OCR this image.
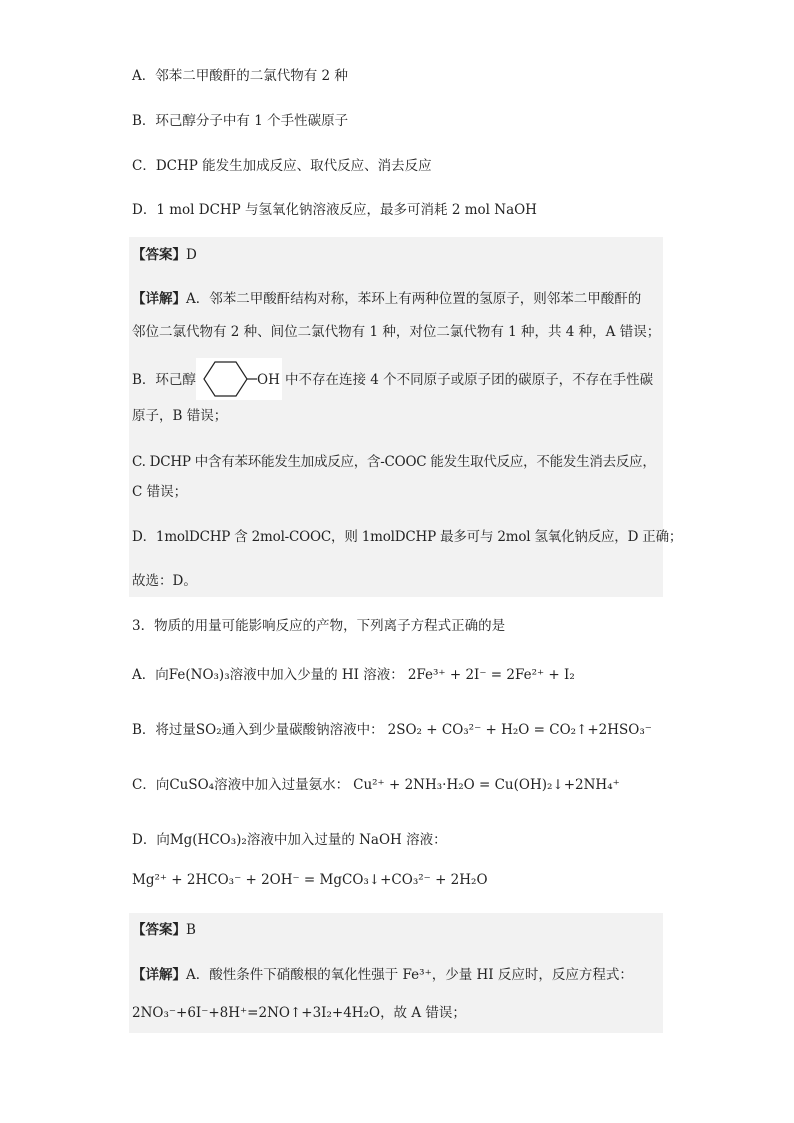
A．邻苯二甲酸酐的二氯代物有 2 种
B．环己醇分子中有 1 个手性碳原子
C．DCHP 能发生加成反应、取代反应、消去反应
D．1 mol DCHP 与氢氧化钠溶液反应，最多可消耗 2 mol NaOH
【答案】D
【详解】A．邻苯二甲酸酐结构对称，苯环上有两种位置的氢原子，则邻苯二甲酸酐的
邻位二氯代物有 2 种、间位二氯代物有 1 种，对位二氯代物有 1 种，共 4 种，A 错误；
B．环己醇	OH 中不存在连接 4 个不同原子或原子团的碳原子，不存在手性碳
原子，B 错误；
C. DCHP 中含有苯环能发生加成反应，含-COOC 能发生取代反应，不能发生消去反应，
C 错误；
D．1molDCHP 含 2mol-COOC，则 1molDCHP 最多可与 2mol 氢氧化钠反应，D 正确；
故选：D。
3．物质的用量可能影响反应的产物，下列离子方程式正确的是
A．向Fe(NO₃)₃溶液中加入少量的 HI 溶液： 2Fe³⁺ + 2I⁻ = 2Fe²⁺ + I₂
B．将过量SO₂通入到少量碳酸钠溶液中： 2SO₂ + CO₃²⁻ + H₂O = CO₂↑+2HSO₃⁻
C．向CuSO₄溶液中加入过量氨水： Cu²⁺ + 2NH₃·H₂O = Cu(OH)₂↓+2NH₄⁺
D．向Mg(HCO₃)₂溶液中加入过量的 NaOH 溶液：
Mg²⁺ + 2HCO₃⁻ + 2OH⁻ = MgCO₃↓+CO₃²⁻ + 2H₂O
【答案】B
【详解】A．酸性条件下硝酸根的氧化性强于 Fe³⁺，少量 HI 反应时，反应方程式：
2NO₃⁻+6I⁻+8H⁺=2NO↑+3I₂+4H₂O，故 A 错误；
